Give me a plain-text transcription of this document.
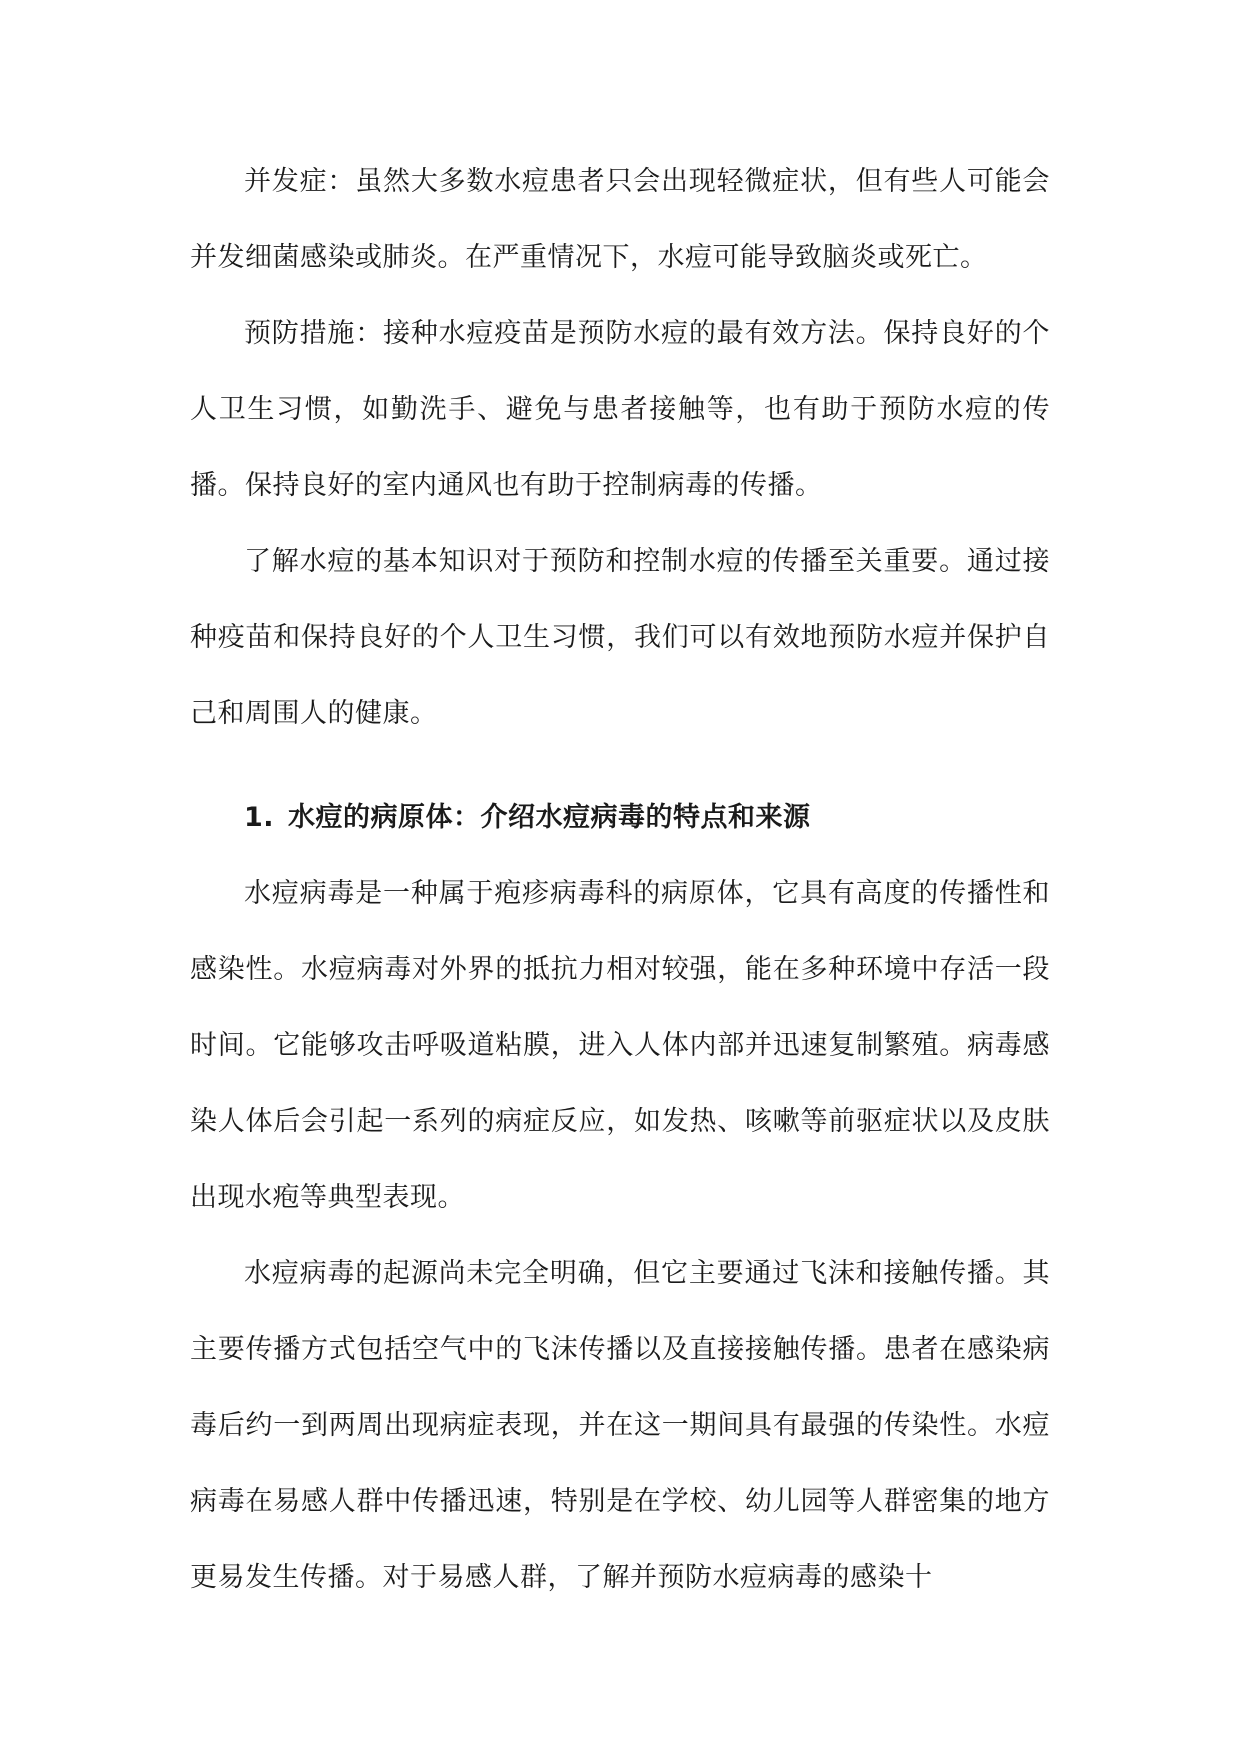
并发症：虽然大多数水痘患者只会出现轻微症状，但有些人可能会并发细菌感染或肺炎。在严重情况下，水痘可能导致脑炎或死亡。

预防措施：接种水痘疫苗是预防水痘的最有效方法。保持良好的个人卫生习惯，如勤洗手、避免与患者接触等，也有助于预防水痘的传播。保持良好的室内通风也有助于控制病毒的传播。

了解水痘的基本知识对于预防和控制水痘的传播至关重要。通过接种疫苗和保持良好的个人卫生习惯，我们可以有效地预防水痘并保护自己和周围人的健康。

1. 水痘的病原体：介绍水痘病毒的特点和来源

水痘病毒是一种属于疱疹病毒科的病原体，它具有高度的传播性和感染性。水痘病毒对外界的抵抗力相对较强，能在多种环境中存活一段时间。它能够攻击呼吸道粘膜，进入人体内部并迅速复制繁殖。病毒感染人体后会引起一系列的病症反应，如发热、咳嗽等前驱症状以及皮肤出现水疱等典型表现。

水痘病毒的起源尚未完全明确，但它主要通过飞沫和接触传播。其主要传播方式包括空气中的飞沫传播以及直接接触传播。患者在感染病毒后约一到两周出现病症表现，并在这一期间具有最强的传染性。水痘病毒在易感人群中传播迅速，特别是在学校、幼儿园等人群密集的地方更易发生传播。对于易感人群，了解并预防水痘病毒的感染十
